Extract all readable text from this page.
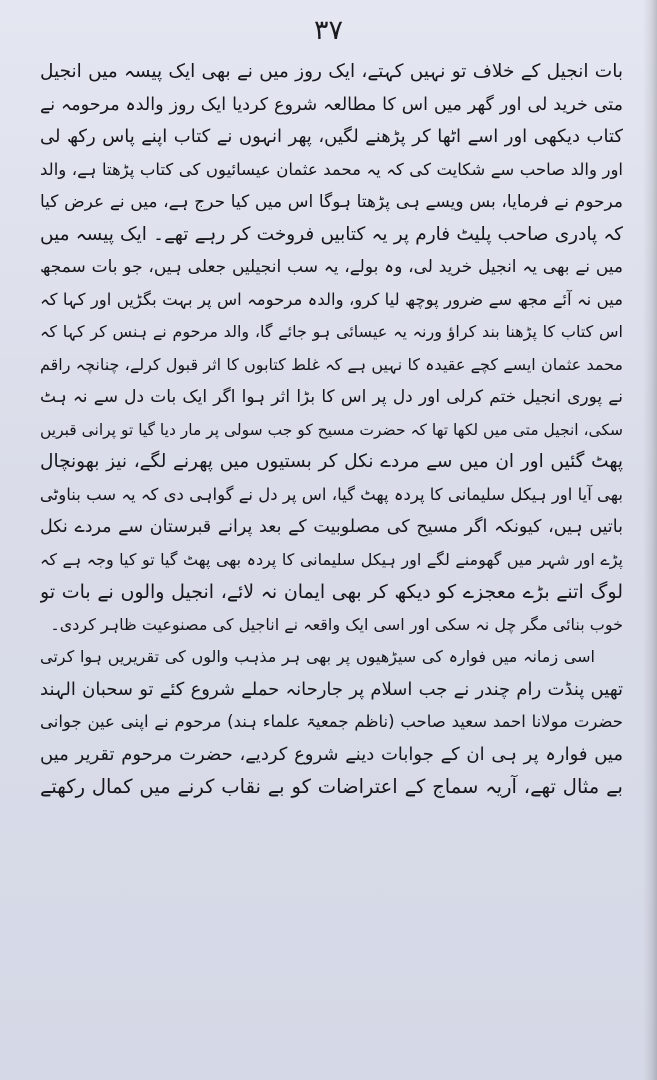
۳۷
بات انجیل کے خلاف تو نہیں کہتے، ایک روز میں نے بھی ایک پیسہ میں انجیل
متی خرید لی اور گھر میں اس کا مطالعہ شروع کردیا ایک روز والدہ مرحومہ نے
کتاب دیکھی اور اسے اٹھا کر پڑھنے لگیں، پھر انہوں نے کتاب اپنے پاس رکھ لی
اور والد صاحب سے شکایت کی کہ یہ محمد عثمان عیسائیوں کی کتاب پڑھتا ہے، والد
مرحوم نے فرمایا، بس ویسے ہی پڑھتا ہوگا اس میں کیا حرج ہے، میں نے عرض کیا
کہ پادری صاحب پلیٹ فارم پر یہ کتابیں فروخت کر رہے تھے۔ ایک پیسہ میں
میں نے بھی یہ انجیل خرید لی، وہ بولے، یہ سب انجیلیں جعلی ہیں، جو بات سمجھ
میں نہ آئے مجھ سے ضرور پوچھ لیا کرو، والدہ مرحومہ اس پر بہت بگڑیں اور کہا کہ
اس کتاب کا پڑھنا بند کراؤ ورنہ یہ عیسائی ہو جائے گا، والد مرحوم نے ہنس کر کہا کہ
محمد عثمان ایسے کچے عقیدہ کا نہیں ہے کہ غلط کتابوں کا اثر قبول کرلے، چنانچہ راقم
نے پوری انجیل ختم کرلی اور دل پر اس کا بڑا اثر ہوا اگر ایک بات دل سے نہ ہٹ
سکی، انجیل متی میں لکھا تھا کہ حضرت مسیح کو جب سولی پر مار دیا گیا تو پرانی قبریں
پھٹ گئیں اور ان میں سے مردے نکل کر بستیوں میں پھرنے لگے، نیز بھونچال
بھی آیا اور ہیکل سلیمانی کا پردہ پھٹ گیا، اس پر دل نے گواہی دی کہ یہ سب بناوٹی
باتیں ہیں، کیونکہ اگر مسیح کی مصلوبیت کے بعد پرانے قبرستان سے مردے نکل
پڑے اور شہر میں گھومنے لگے اور ہیکل سلیمانی کا پردہ بھی پھٹ گیا تو کیا وجہ ہے کہ
لوگ اتنے بڑے معجزے کو دیکھ کر بھی ایمان نہ لائے، انجیل والوں نے بات تو
خوب بنائی مگر چل نہ سکی اور اسی ایک واقعہ نے اناجیل کی مصنوعیت ظاہر کردی۔
اسی زمانہ میں فوارہ کی سیڑھیوں پر بھی ہر مذہب والوں کی تقریریں ہوا کرتی
تھیں پنڈت رام چندر نے جب اسلام پر جارحانہ حملے شروع کئے تو سحبان الہند
حضرت مولانا احمد سعید صاحب (ناظم جمعیۃ علماء ہند) مرحوم نے اپنی عین جوانی
میں فوارہ پر ہی ان کے جوابات دینے شروع کردیے، حضرت مرحوم تقریر میں
بے مثال تھے، آریہ سماج کے اعتراضات کو بے نقاب کرنے میں کمال رکھتے
